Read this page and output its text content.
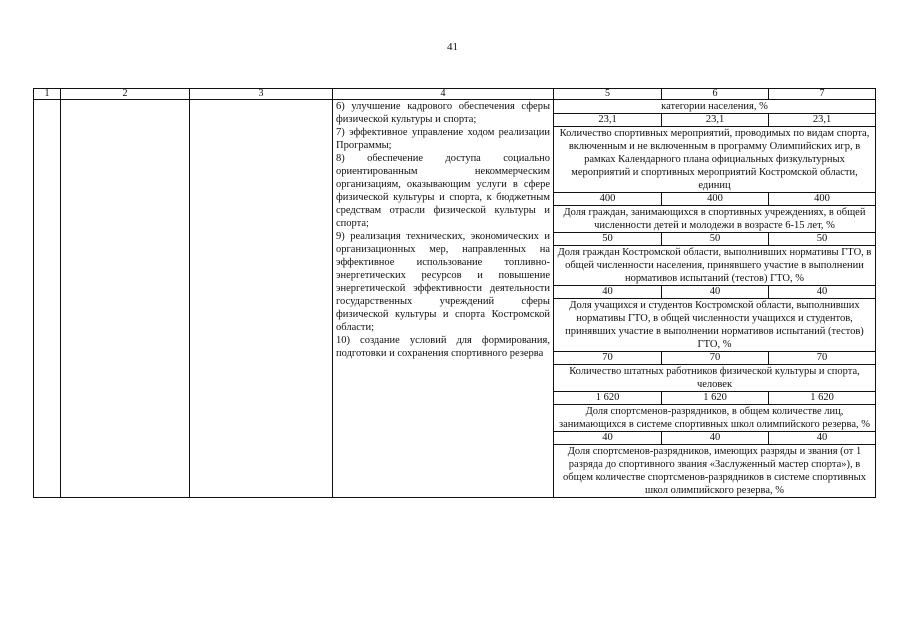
41
1	2	3	4	5	6	7
			6) улучшение кадрового обеспечения сферы физической культуры и спорта;
7) эффективное управление ходом реализации Программы;
8) обеспечение доступа социально ориентированным некоммерческим организациям, оказывающим услуги в сфере физической культуры и спорта, к бюджетным средствам отрасли физической культуры и спорта;
9) реализация технических, экономических и организационных мер, направленных на эффективное использование топливно-энергетических ресурсов и повышение энергетической эффективности деятельности государственных учреждений сферы физической культуры и спорта Костромской области;
10) создание условий для формирования, подготовки и сохранения спортивного резерва	категории населения, %		
				23,1	23,1	23,1
				Количество спортивных мероприятий, проводимых по видам спорта, включенным и не включенным в программу Олимпийских игр, в рамках Календарного плана официальных физкультурных мероприятий и спортивных мероприятий Костромской области, единиц		
				400	400	400
				Доля граждан, занимающихся в спортивных учреждениях, в общей численности детей и молодежи в возрасте 6-15 лет, %		
				50	50	50
				Доля граждан Костромской области, выполнивших нормативы ГТО, в общей численности населения, принявшего участие в выполнении нормативов испытаний (тестов) ГТО, %		
				40	40	40
				Доля учащихся и студентов Костромской области, выполнивших нормативы ГТО, в общей численности учащихся и студентов, принявших участие в выполнении нормативов испытаний (тестов) ГТО, %		
				70	70	70
				Количество штатных работников физической культуры и спорта, человек		
				1 620	1 620	1 620
				Доля спортсменов-разрядников, в общем количестве лиц, занимающихся в системе спортивных школ олимпийского резерва, %		
				40	40	40
				Доля спортсменов-разрядников, имеющих разряды и звания (от 1 разряда до спортивного звания «Заслуженный мастер спорта»), в общем количестве спортсменов-разрядников в системе спортивных школ олимпийского резерва, %		
